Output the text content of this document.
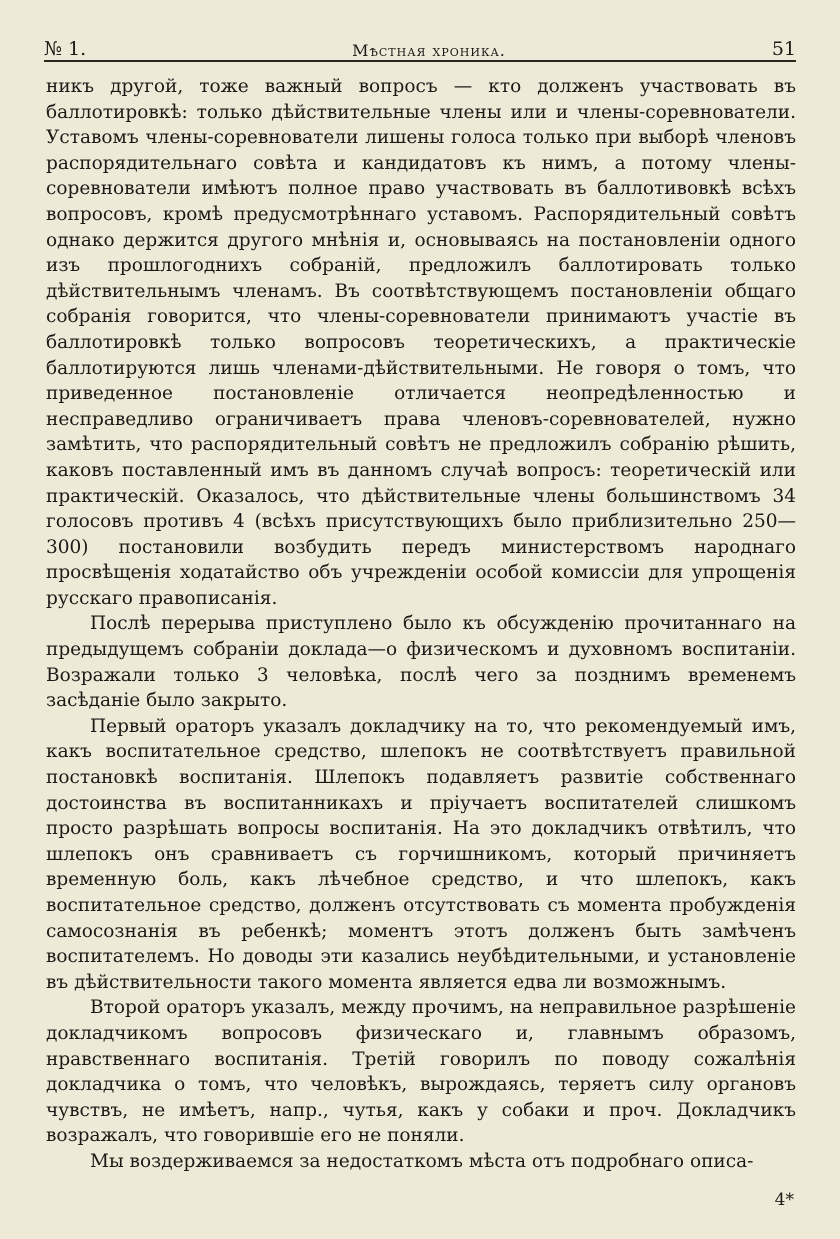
№ 1.	Мѣстная хроника.	51

никъ другой, тоже важный вопросъ — кто долженъ участвовать въ баллотировкѣ: только дѣйствительные члены или и члены-соревнователи. Уставомъ члены-соревнователи лишены голоса только при выборѣ членовъ распорядительнаго совѣта и кандидатовъ къ нимъ, а потому члены-соревнователи имѣютъ полное право участвовать въ баллотивовкѣ всѣхъ вопросовъ, кромѣ предусмотрѣннаго уставомъ. Распорядительный совѣтъ однако держится другого мнѣнія и, основываясь на постановленіи одного изъ прошлогоднихъ собраній, предложилъ баллотировать только дѣйствительнымъ членамъ. Въ соотвѣтствующемъ постановленіи общаго собранія говорится, что члены-соревнователи принимаютъ участіе въ баллотировкѣ только вопросовъ теоретическихъ, а практическіе баллотируются лишь членами-дѣйствительными. Не говоря о томъ, что приведенное постановленіе отличается неопредѣленностью и несправедливо ограничиваетъ права членовъ-соревнователей, нужно замѣтить, что распорядительный совѣтъ не предложилъ собранію рѣшить, каковъ поставленный имъ въ данномъ случаѣ вопросъ: теоретическій или практическій. Оказалось, что дѣйствительные члены большинствомъ 34 голосовъ противъ 4 (всѣхъ присутствующихъ было приблизительно 250—300) постановили возбудить передъ министерствомъ народнаго просвѣщенія ходатайство объ учрежденіи особой комиссіи для упрощенія русскаго правописанія.

Послѣ перерыва приступлено было къ обсужденію прочитаннаго на предыдущемъ собраніи доклада—о физическомъ и духовномъ воспитаніи. Возражали только 3 человѣка, послѣ чего за позднимъ временемъ засѣданіе было закрыто.

Первый ораторъ указалъ докладчику на то, что рекомендуемый имъ, какъ воспитательное средство, шлепокъ не соотвѣтствуетъ правильной постановкѣ воспитанія. Шлепокъ подавляетъ развитіе собственнаго достоинства въ воспитанникахъ и пріучаетъ воспитателей слишкомъ просто разрѣшать вопросы воспитанія. На это докладчикъ отвѣтилъ, что шлепокъ онъ сравниваетъ съ горчишникомъ, который причиняетъ временную боль, какъ лѣчебное средство, и что шлепокъ, какъ воспитательное средство, долженъ отсутствовать съ момента пробужденія самосознанія въ ребенкѣ; моментъ этотъ долженъ быть замѣченъ воспитателемъ. Но доводы эти казались неубѣдительными, и установленіе въ дѣйствительности такого момента является едва ли возможнымъ.

Второй ораторъ указалъ, между прочимъ, на неправильное разрѣшеніе докладчикомъ вопросовъ физическаго и, главнымъ образомъ, нравственнаго воспитанія. Третій говорилъ по поводу сожалѣнія докладчика о томъ, что человѣкъ, вырождаясь, теряетъ силу органовъ чувствъ, не имѣетъ, напр., чутья, какъ у собаки и проч. Докладчикъ возражалъ, что говорившіе его не поняли.

Мы воздерживаемся за недостаткомъ мѣста отъ подробнаго описа-

4*
